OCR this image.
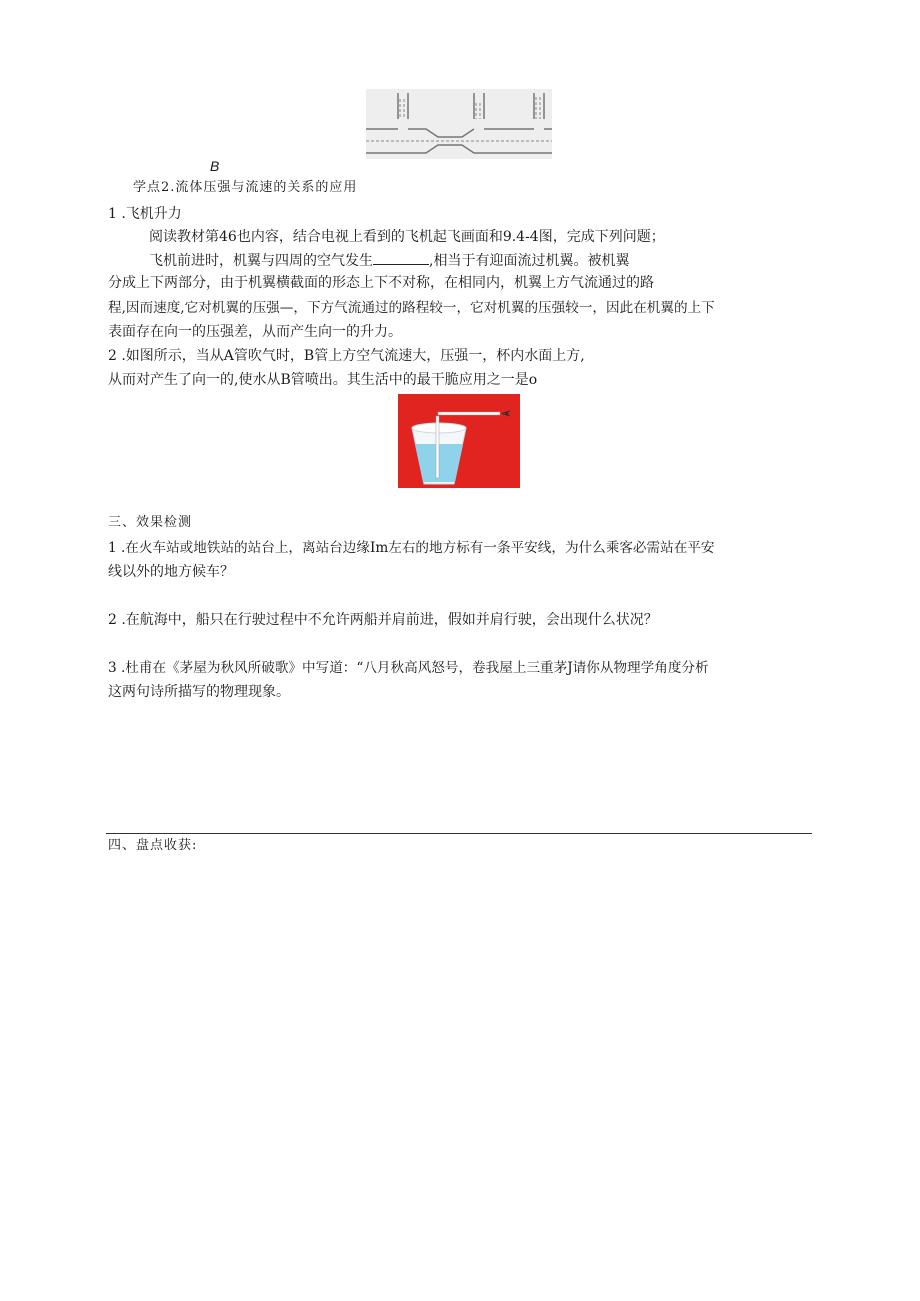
B
学点2.流体压强与流速的关系的应用
1 .飞机升力
阅读教材第46也内容，结合电视上看到的飞机起飞画面和9.4-4图，完成下列问题；
飞机前进时，机翼与四周的空气发生	,相当于有迎面流过机翼。被机翼
分成上下两部分，由于机翼横截面的形态上下不对称，在相同内，机翼上方气流通过的路
程,因而速度,它对机翼的压强—，下方气流通过的路程较一，它对机翼的压强较一，因此在机翼的上下
表面存在向一的压强差，从而产生向一的升力。
2 .如图所示，当从A管吹气时，B管上方空气流速大，压强一，杯内水面上方,
从而对产生了向一的,使水从B管喷出。其生活中的最干脆应用之一是o
三、效果检测
1 .在火车站或地铁站的站台上，离站台边缘Im左右的地方标有一条平安线，为什么乘客必需站在平安
线以外的地方候车？
2 .在航海中，船只在行驶过程中不允许两船并肩前进，假如并肩行驶，会出现什么状况？
3 .杜甫在《茅屋为秋风所破歌》中写道：“八月秋高风怒号，卷我屋上三重茅J请你从物理学角度分析
这两句诗所描写的物理现象。
四、盘点收获:
